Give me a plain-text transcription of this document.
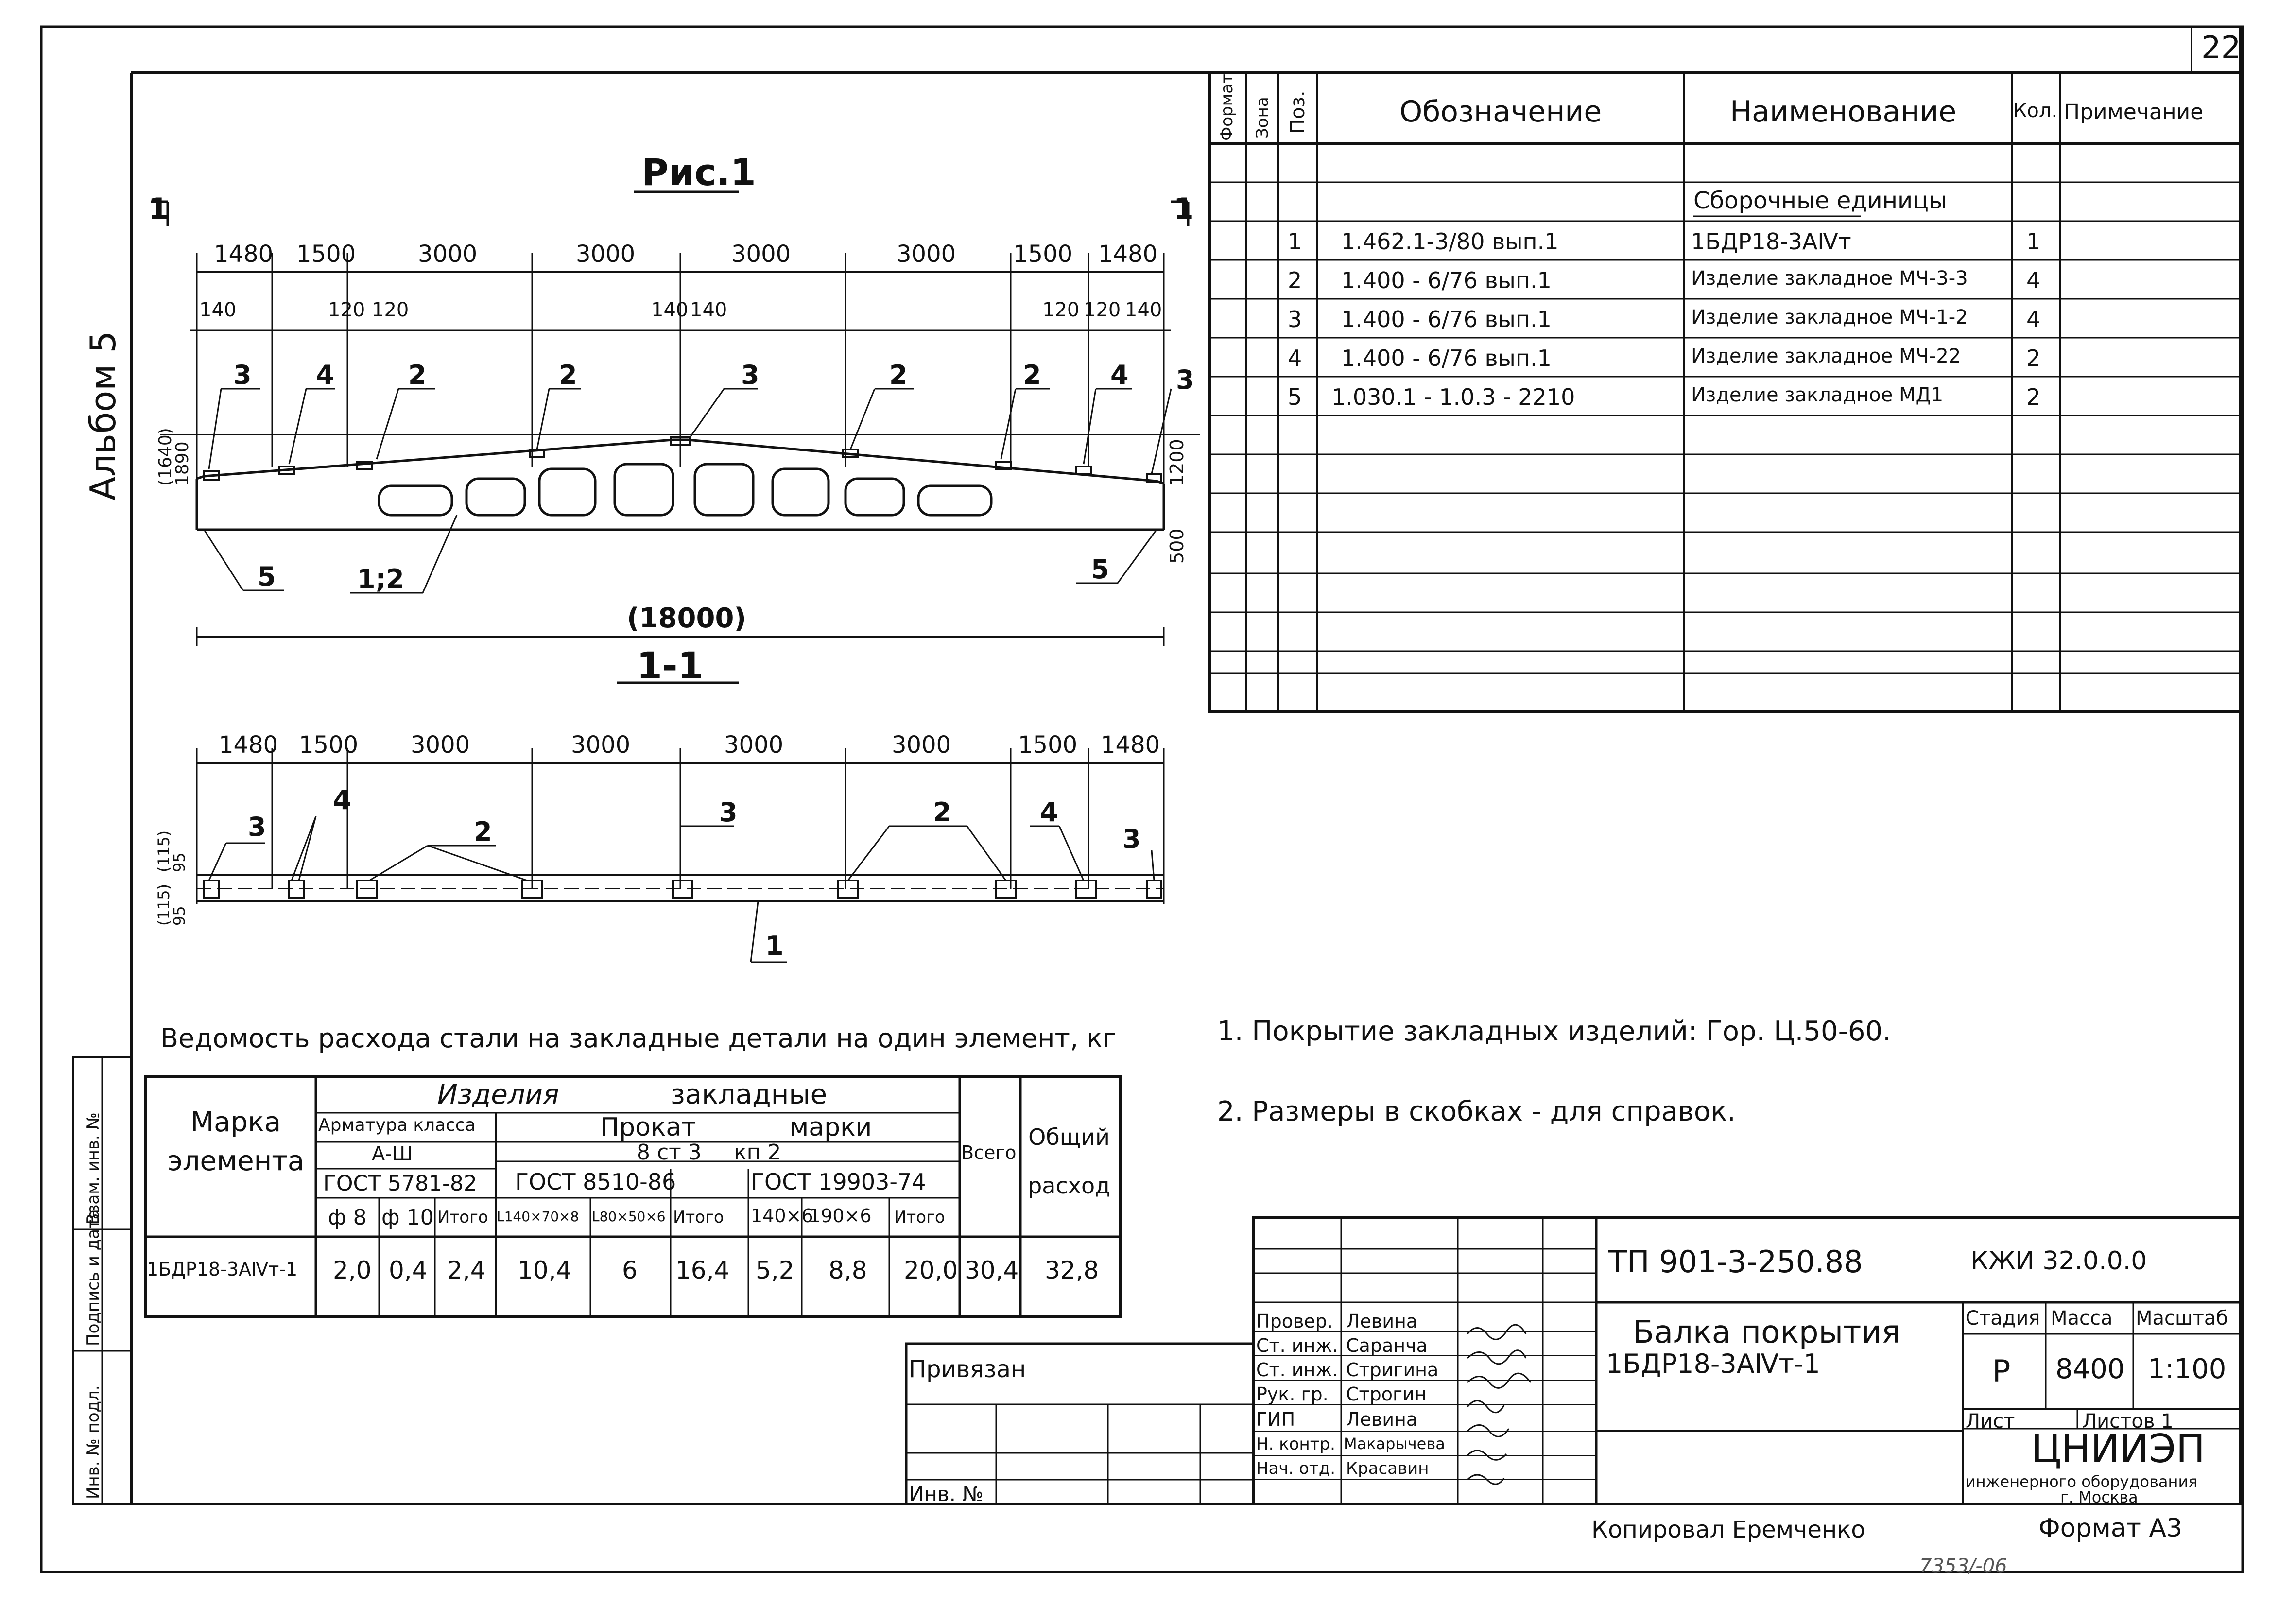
22
Альбом 5
Инв. № подл.
Подпись и дата
Взам. инв. №
Рис.1
1	1
1480 1500	3000	3000	3000	3000 1500 1480
140	120 120	140 140	120 120 140
3 4	2	2	3	2	2	4 3
5	1;2	5
(1640)
1890	1200
500
(18000)
1-1
1480 1500 3000	3000	3000	3000	1500 1480
3
4
2
3	2	4
3
1
(115)
95
(115)
95
Формат Зона Поз.	Обозначение	Наименование	Кол. Примечание
Сборочные единицы
1 1.462.1-3/80 вып.1	1БДР18-3АⅣт	1
2 1.400 - 6/76 вып.1	Изделие закладное МЧ-3-3	4
3 1.400 - 6/76 вып.1	Изделие закладное МЧ-1-2	4
4 1.400 - 6/76 вып.1	Изделие закладное МЧ-22	2
5 1.030.1 - 1.0.3 - 2210	Изделие закладное МД1	2
Ведомость расхода стали на закладные детали на один элемент, кг
Марка элемента
Изделия	закладные
Арматура класса
А-Ш
Прокат	марки
8 ст 3 кп 2
ГОСТ 5781-82 ГОСТ 8510-86	ГОСТ 19903-74
Всего
Общий расход
ф 8 ф 10 Итого L140×70×8 L80×50×6 Итого 140×6
190×6 Итого
1БДР18-3АⅣт-1 2,0 0,4 2,4 10,4 6 16,4 5,2 8,8 20,0 30,4 32,8
1. Покрытие закладных изделий: Гор. Ц.50-60.
2. Размеры в скобках - для справок.
ТП 901-3-250.88	КЖИ 32.0.0.0
Балка покрытия
1БДР18-3АⅣт-1
Стадия Масса Масштаб
Р 8400 1:100
Лист	Листов 1
ЦНИИЭП
инженерного оборудования
г. Москва
Привязан
Инв. №
Провер. Левина
Ст. инж. Саранча
Ст. инж. Стригина
Рук. гр. Строгин
ГИП	Левина
Н. контр. Макарычева
Нач. отд. Красавин
Копировал Еремченко	Формат А3
7353/-06
